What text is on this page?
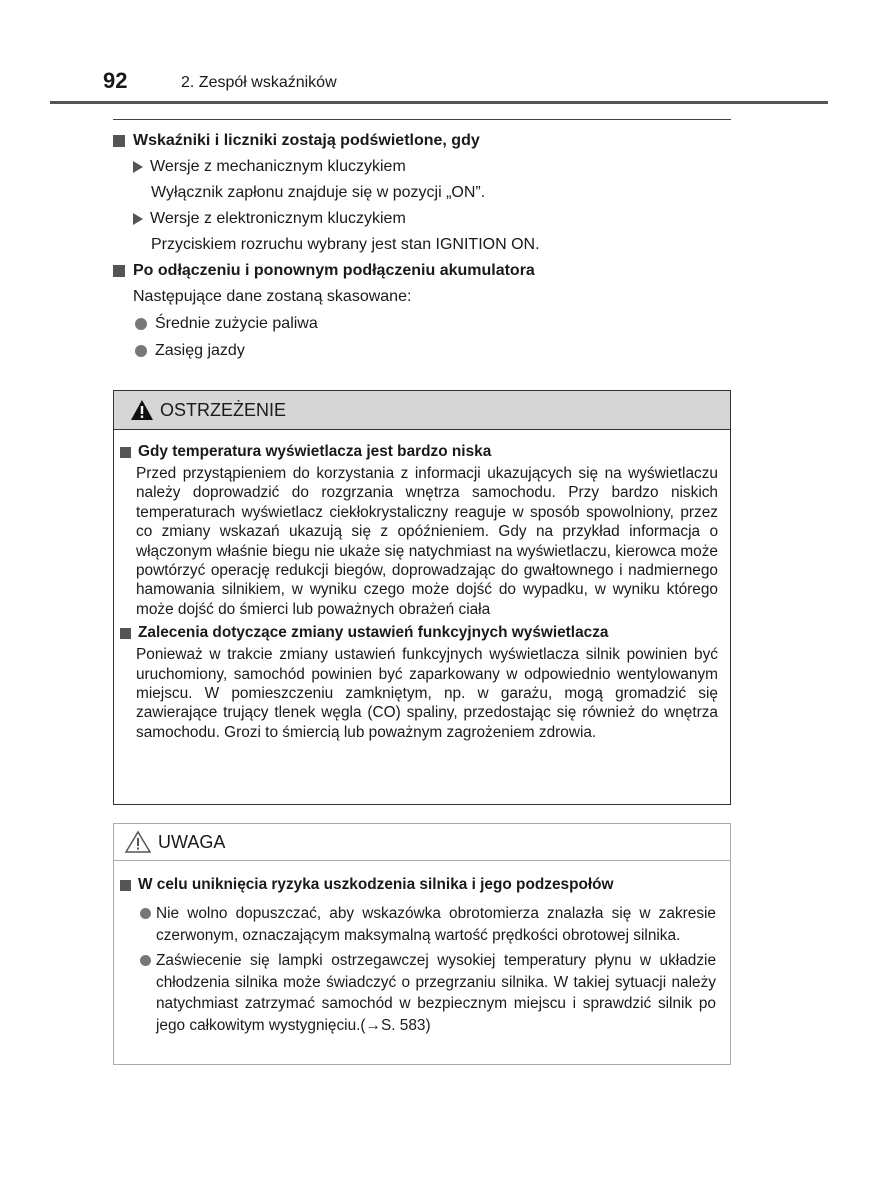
92	2. Zespół wskaźników
Wskaźniki i liczniki zostają podświetlone, gdy
Wersje z mechanicznym kluczykiem
Wyłącznik zapłonu znajduje się w pozycji „ON”.
Wersje z elektronicznym kluczykiem
Przyciskiem rozruchu wybrany jest stan IGNITION ON.
Po odłączeniu i ponownym podłączeniu akumulatora
Następujące dane zostaną skasowane:
Średnie zużycie paliwa
Zasięg jazdy
OSTRZEŻENIE
Gdy temperatura wyświetlacza jest bardzo niska
Przed przystąpieniem do korzystania z informacji ukazujących się na wyświetlaczu należy doprowadzić do rozgrzania wnętrza samochodu. Przy bardzo niskich temperaturach wyświetlacz ciekłokrystaliczny reaguje w sposób spowolniony, przez co zmiany wskazań ukazują się z opóźnieniem. Gdy na przykład informacja o włączonym właśnie biegu nie ukaże się natychmiast na wyświetlaczu, kierowca może powtórzyć operację redukcji biegów, doprowadzając do gwałtownego i nadmiernego hamowania silnikiem, w wyniku czego może dojść do wypadku, w wyniku którego może dojść do śmierci lub poważnych obrażeń ciała
Zalecenia dotyczące zmiany ustawień funkcyjnych wyświetlacza
Ponieważ w trakcie zmiany ustawień funkcyjnych wyświetlacza silnik powinien być uruchomiony, samochód powinien być zaparkowany w odpowiednio wentylowanym miejscu. W pomieszczeniu zamkniętym, np. w garażu, mogą gromadzić się zawierające trujący tlenek węgla (CO) spaliny, przedostając się również do wnętrza samochodu. Grozi to śmiercią lub poważnym zagrożeniem zdrowia.
UWAGA
W celu uniknięcia ryzyka uszkodzenia silnika i jego podzespołów
Nie wolno dopuszczać, aby wskazówka obrotomierza znalazła się w zakresie czerwonym, oznaczającym maksymalną wartość prędkości obrotowej silnika.
Zaświecenie się lampki ostrzegawczej wysokiej temperatury płynu w układzie chłodzenia silnika może świadczyć o przegrzaniu silnika. W takiej sytuacji należy natychmiast zatrzymać samochód w bezpiecznym miejscu i sprawdzić silnik po jego całkowitym wystygnięciu.(→S. 583)
